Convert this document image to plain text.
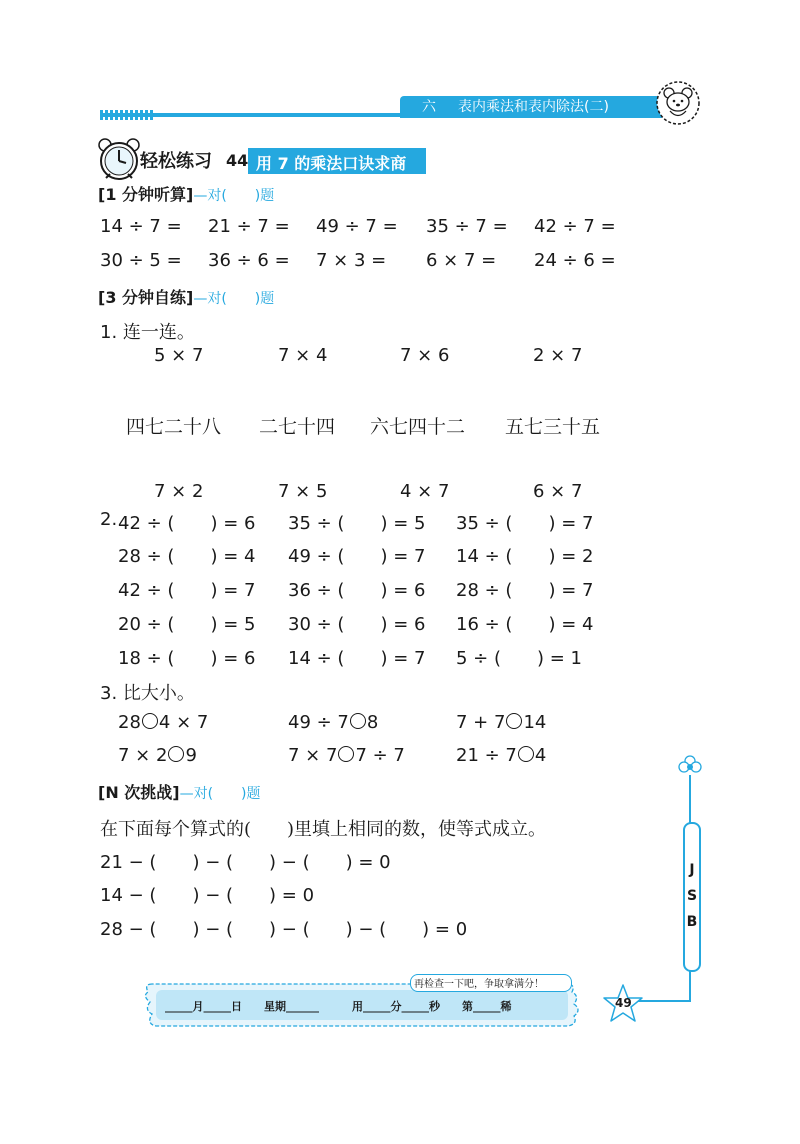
六 表内乘法和表内除法(二)
轻松练习 44 用 7 的乘法口诀求商
[1 分钟听算]—对(　　)题
14 ÷ 7 = 21 ÷ 7 = 49 ÷ 7 = 35 ÷ 7 = 42 ÷ 7 =
30 ÷ 5 = 36 ÷ 6 = 7 × 3 = 6 × 7 = 24 ÷ 6 =
[3 分钟自练]—对(　　)题
1. 连一连。
5 × 7	7 × 4	7 × 6	2 × 7
四七二十八 二七十四 六七四十二 五七三十五
7 × 2	7 × 5	4 × 7	6 × 7
2. 42 ÷ (　　) = 6 35 ÷ (　　) = 5 35 ÷ (　　) = 7
28 ÷ (　　) = 4 49 ÷ (　　) = 7 14 ÷ (　　) = 2
42 ÷ (　　) = 7 36 ÷ (　　) = 6 28 ÷ (　　) = 7
20 ÷ (　　) = 5 30 ÷ (　　) = 6 16 ÷ (　　) = 4
18 ÷ (　　) = 6 14 ÷ (　　) = 7 5 ÷ (　　) = 1
3. 比大小。
28 4 × 7	49 ÷ 7 8	7 + 7 14
7 × 2 9	7 × 7 7 ÷ 7	21 ÷ 7 4
[N 次挑战]—对(　　)题
在下面每个算式的(　　)里填上相同的数，使等式成立。
21 − (　　) − (　　) − (　　) = 0
14 − (　　) − (　　) = 0
28 − (　　) − (　　) − (　　) − (　　) = 0
J
S
B
再检查一下吧，争取拿满分！
_____月_____日　　星期______　　　用_____分_____秒　　第_____稀	49
